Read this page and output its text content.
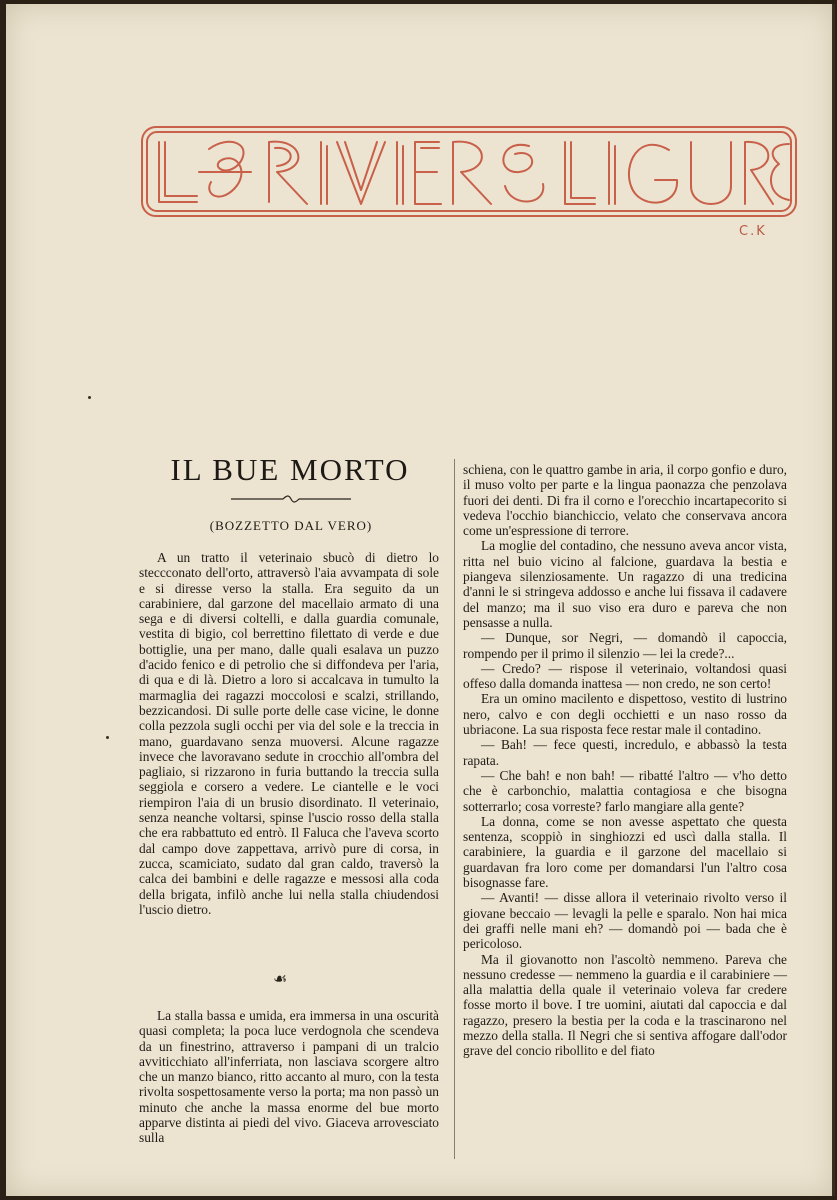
C.K
IL BUE MORTO
(BOZZETTO DAL VERO)

A un tratto il veterinaio sbucò di dietro lo steccconato dell'orto, attraversò l'aia avvampata di sole e si diresse verso la stalla. Era seguito da un carabiniere, dal garzone del macellaio armato di una sega e di diversi coltelli, e dalla guardia comunale, vestita di bigio, col berrettino filettato di verde e due bottiglie, una per mano, dalle quali esalava un puzzo d'acido fenico e di petrolio che si diffondeva per l'aria, di qua e di là. Dietro a loro si accalcava in tumulto la marmaglia dei ragazzi moccolosi e scalzi, strillando, bezzicandosi. Di sulle porte delle case vicine, le donne colla pezzola sugli occhi per via del sole e la treccia in mano, guardavano senza muoversi. Alcune ragazze invece che lavoravano sedute in crocchio all'ombra del pagliaio, si rizzarono in furia buttando la treccia sulla seggiola e corsero a vedere. Le ciantelle e le voci riempiron l'aia di un brusio disordinato. Il veterinaio, senza neanche voltarsi, spinse l'uscio rosso della stalla che era rabbattuto ed entrò. Il Faluca che l'aveva scorto dal campo dove zappettava, arrivò pure di corsa, in zucca, scamiciato, sudato dal gran caldo, traversò la calca dei bambini e delle ragazze e messosi alla coda della brigata, infilò anche lui nella stalla chiudendosi l'uscio dietro.

☙

La stalla bassa e umida, era immersa in una oscurità quasi completa; la poca luce verdognola che scendeva da un finestrino, attraverso i pampani di un tralcio avviticchiato all'inferriata, non lasciava scorgere altro che un manzo bianco, ritto accanto al muro, con la testa rivolta sospettosamente verso la porta; ma non passò un minuto che anche la massa enorme del bue morto apparve distinta ai piedi del vivo. Giaceva arrovesciato sulla

schiena, con le quattro gambe in aria, il corpo gonfio e duro, il muso volto per parte e la lingua paonazza che penzolava fuori dei denti. Di fra il corno e l'orecchio incartapecorito si vedeva l'occhio bianchiccio, velato che conservava ancora come un'espressione di terrore.

La moglie del contadino, che nessuno aveva ancor vista, ritta nel buio vicino al falcione, guardava la bestia e piangeva silenziosamente. Un ragazzo di una tredicina d'anni le si stringeva addosso e anche lui fissava il cadavere del manzo; ma il suo viso era duro e pareva che non pensasse a nulla.

— Dunque, sor Negri, — domandò il capoccia, rompendo per il primo il silenzio — lei la crede?...

— Credo? — rispose il veterinaio, voltandosi quasi offeso dalla domanda inattesa — non credo, ne son certo!

Era un omino macilento e dispettoso, vestito di lustrino nero, calvo e con degli occhietti e un naso rosso da ubriacone. La sua risposta fece restar male il contadino.

— Bah! — fece questi, incredulo, e abbassò la testa rapata.

— Che bah! e non bah! — ribatté l'altro — v'ho detto che è carbonchio, malattia contagiosa e che bisogna sotterrarlo; cosa vorreste? farlo mangiare alla gente?

La donna, come se non avesse aspettato che questa sentenza, scoppiò in singhiozzi ed uscì dalla stalla. Il carabiniere, la guardia e il garzone del macellaio si guardavan fra loro come per domandarsi l'un l'altro cosa bisognasse fare.

— Avanti! — disse allora il veterinaio rivolto verso il giovane beccaio — levagli la pelle e sparalo. Non hai mica dei graffi nelle mani eh? — domandò poi — bada che è pericoloso.

Ma il giovanotto non l'ascoltò nemmeno. Pareva che nessuno credesse — nemmeno la guardia e il carabiniere — alla malattia della quale il veterinaio voleva far credere fosse morto il bove. I tre uomini, aiutati dal capoccia e dal ragazzo, presero la bestia per la coda e la trascinarono nel mezzo della stalla. Il Negri che si sentiva affogare dall'odor grave del concio ribollito e del fiato
